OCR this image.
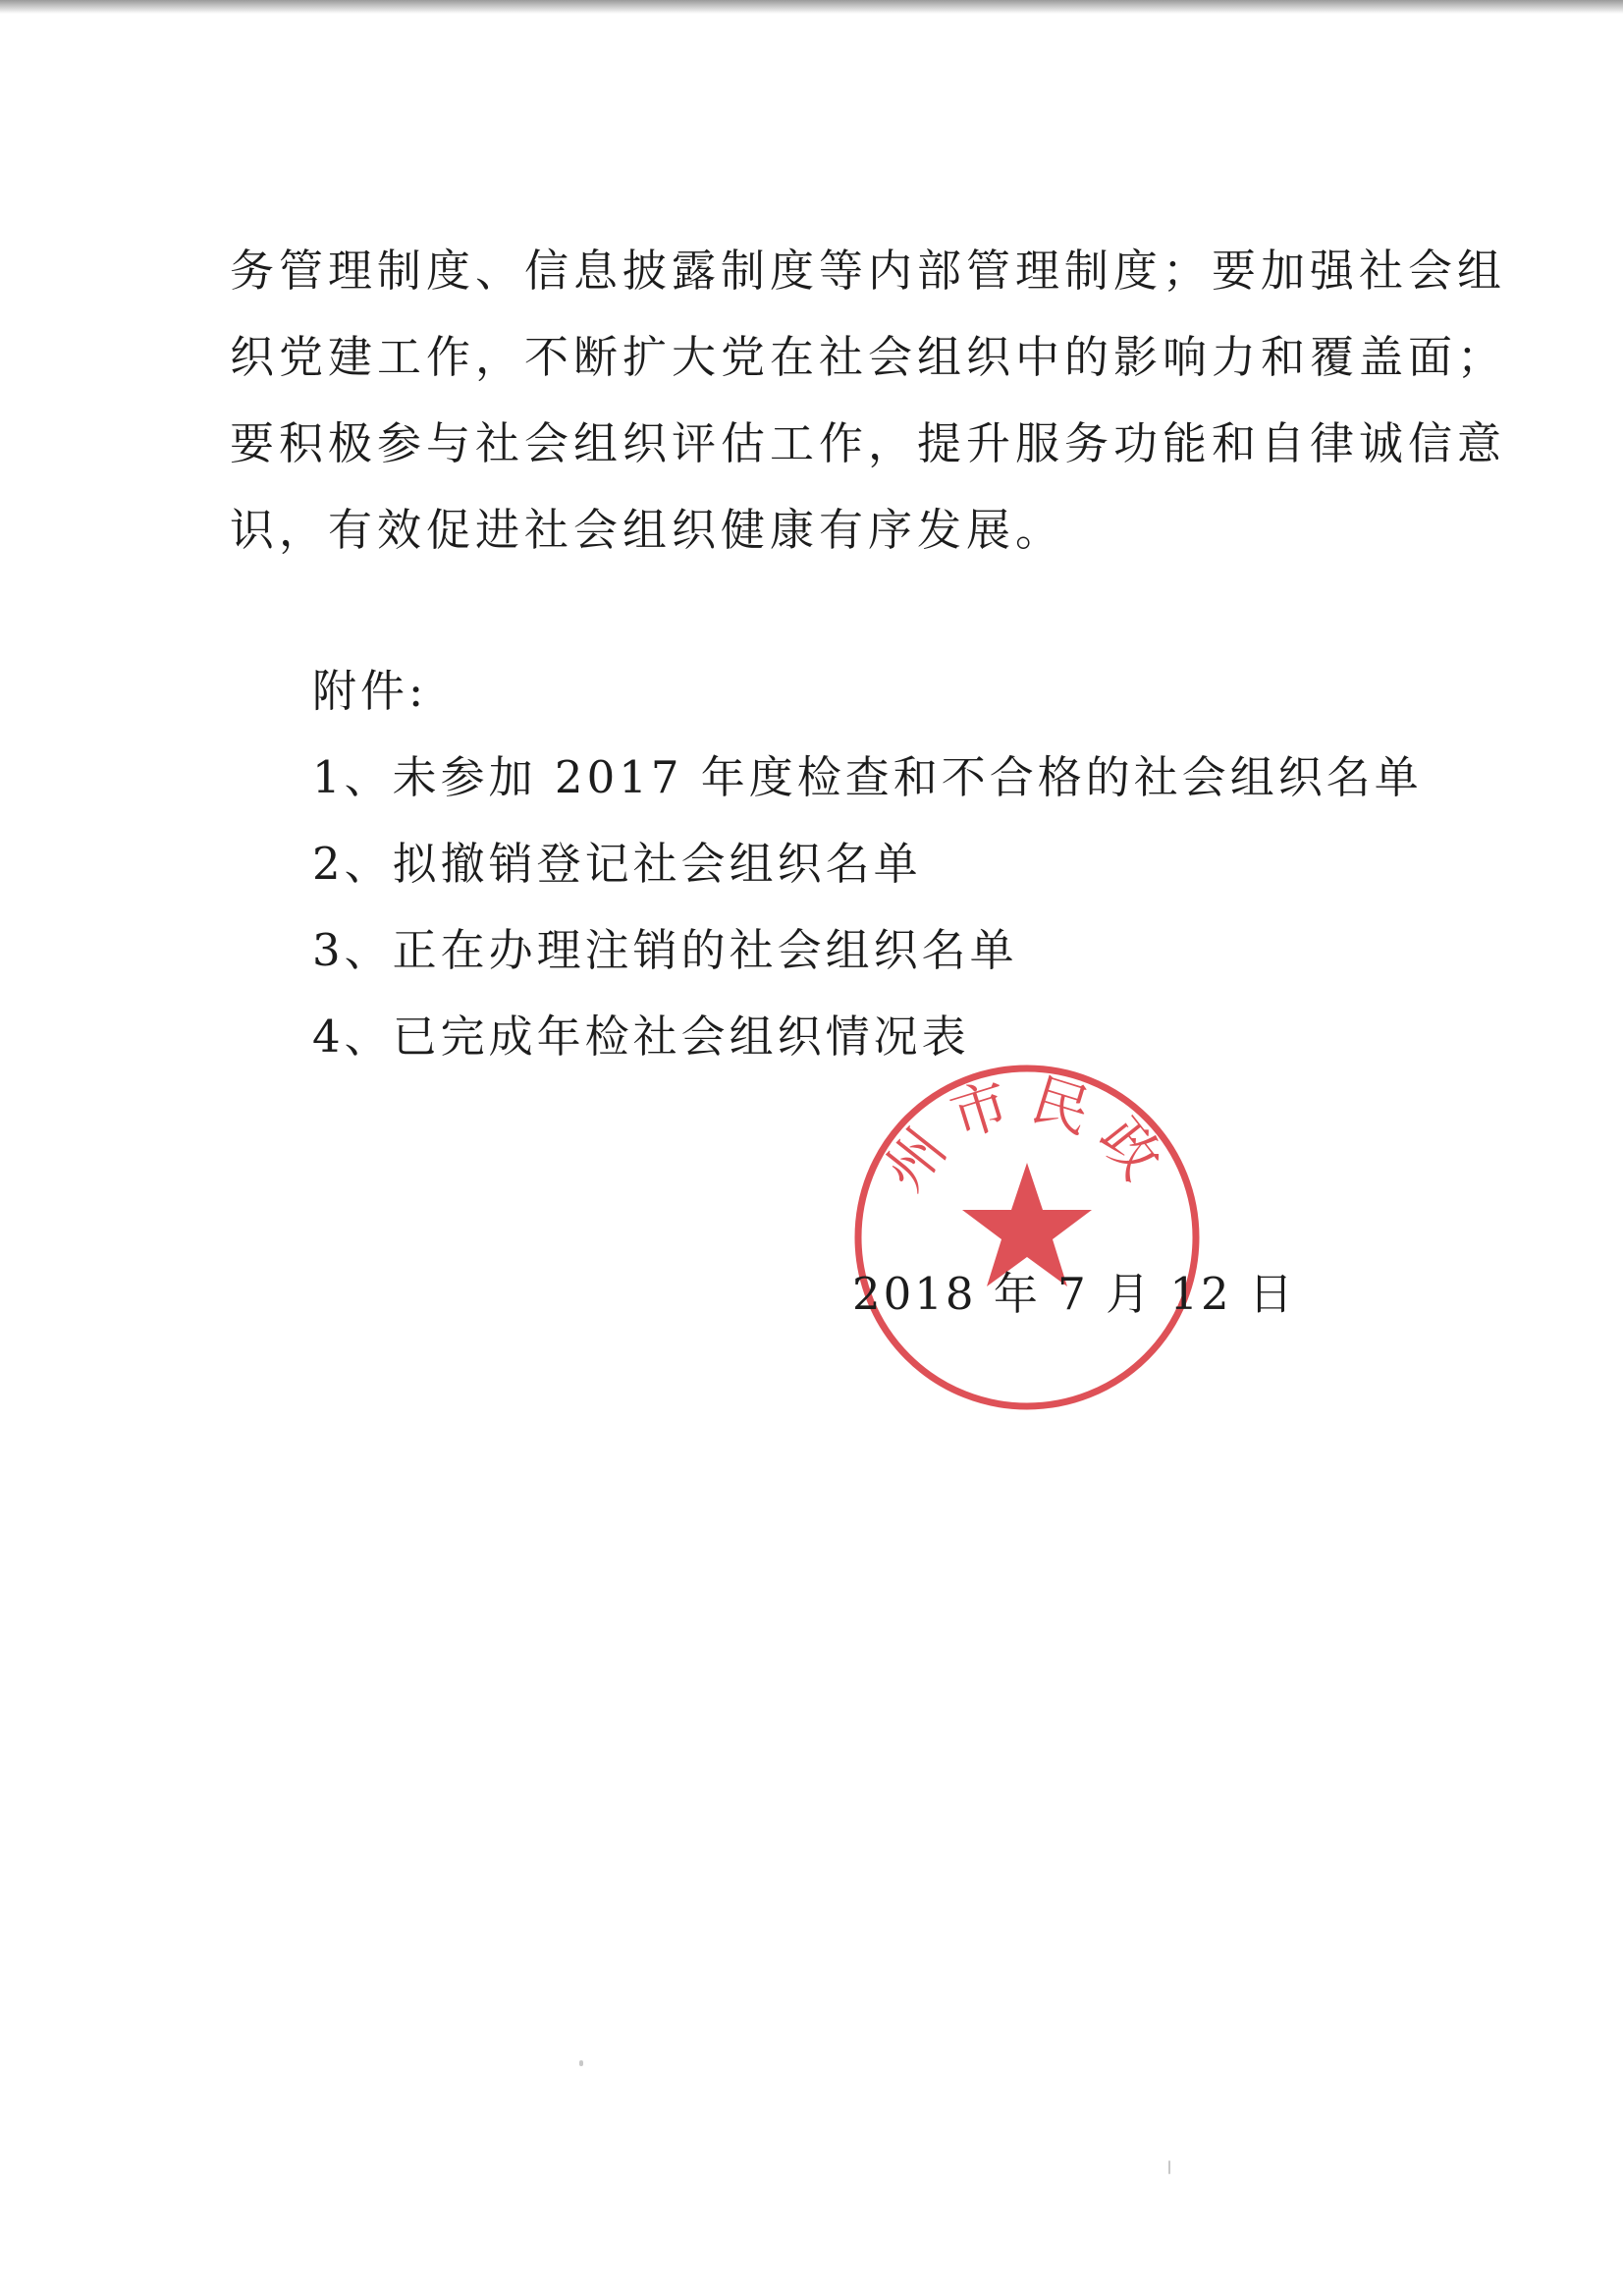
务管理制度、信息披露制度等内部管理制度；要加强社会组
织党建工作，不断扩大党在社会组织中的影响力和覆盖面；
要积极参与社会组织评估工作，提升服务功能和自律诚信意
识，有效促进社会组织健康有序发展。
附件:
1、未参加 2017 年度检查和不合格的社会组织名单
2、拟撤销登记社会组织名单
3、正在办理注销的社会组织名单
4、已完成年检社会组织情况表
州市民政
2018 年 7 月 12 日
